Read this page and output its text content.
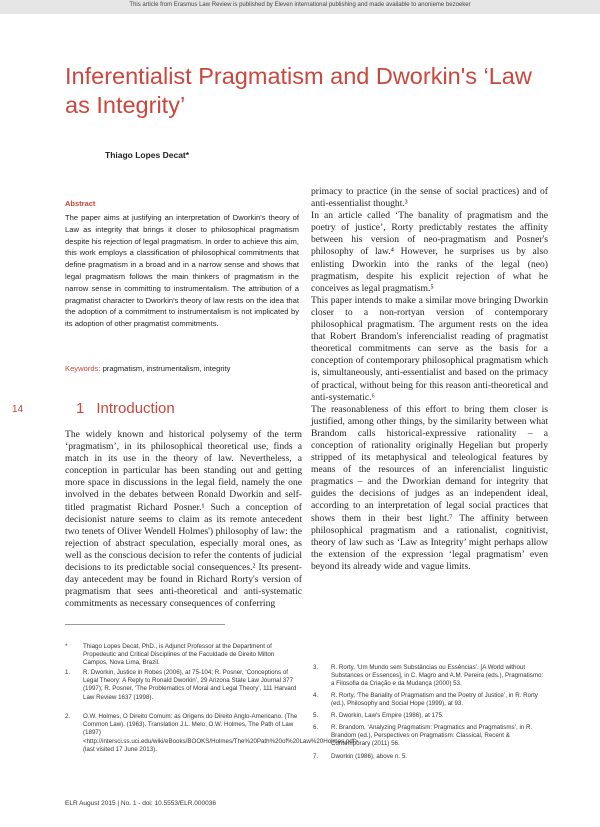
This article from Erasmus Law Review is published by Eleven international publishing and made available to anonieme bezoeker
Inferentialist Pragmatism and Dworkin's ‘Law as Integrity’
Thiago Lopes Decat*
Abstract

The paper aims at justifying an interpretation of Dworkin's theory of Law as integrity that brings it closer to philosophical pragmatism despite his rejection of legal pragmatism. In order to achieve this aim, this work employs a classification of philosophical commitments that define pragmatism in a broad and in a narrow sense and shows that legal pragmatism follows the main thinkers of pragmatism in the narrow sense in committing to instrumentalism. The attribution of a pragmatist character to Dworkin's theory of law rests on the idea that the adoption of a commitment to instrumentalism is not implicated by its adoption of other pragmatist commitments.

Keywords: pragmatism, instrumentalism, integrity
14	1 Introduction

The widely known and historical polysemy of the term ‘pragmatism’, in its philosophical theoretical use, finds a match in its use in the theory of law. Nevertheless, a conception in particular has been standing out and getting more space in discussions in the legal field, namely the one involved in the debates between Ronald Dworkin and self-titled pragmatist Richard Posner.¹ Such a conception of decisionist nature seems to claim as its remote antecedent two tenets of Oliver Wendell Holmes') philosophy of law: the rejection of abstract speculation, especially moral ones, as well as the conscious decision to refer the contents of judicial decisions to its predictable social consequences.² Its present-day antecedent may be found in Richard Rorty's version of pragmatism that sees anti-theoretical and anti-systematic commitments as necessary consequences of conferring

primacy to practice (in the sense of social practices) and of anti-essentialist thought.³

In an article called ‘The banality of pragmatism and the poetry of justice’, Rorty predictably restates the affinity between his version of neo-pragmatism and Posner's philosophy of law.⁴ However, he surprises us by also enlisting Dworkin into the ranks of the legal (neo) pragmatism, despite his explicit rejection of what he conceives as legal pragmatism.⁵

This paper intends to make a similar move bringing Dworkin closer to a non-rortyan version of contemporary philosophical pragmatism. The argument rests on the idea that Robert Brandom's inferencialist reading of pragmatist theoretical commitments can serve as the basis for a conception of contemporary philosophical pragmatism which is, simultaneously, anti-essentialist and based on the primacy of practical, without being for this reason anti-theoretical and anti-systematic.⁶

The reasonableness of this effort to bring them closer is justified, among other things, by the similarity between what Brandom calls historical-expressive rationality – a conception of rationality originally Hegelian but properly stripped of its metaphysical and teleological features by means of the resources of an inferencialist linguistic pragmatics – and the Dworkian demand for integrity that guides the decisions of judges as an independent ideal, according to an interpretation of legal social practices that shows them in their best light.⁷ The affinity between philosophical pragmatism and a rationalist, cognitivist, theory of law such as ‘Law as Integrity’ might perhaps allow the extension of the expression ‘legal pragmatism’ even beyond its already wide and vague limits.

*	Thiago Lopes Decat, PhD., is Adjunct Professor at the Department of Propedeutic and Critical Disciplines of the Faculdade de Direito Milton Campos, Nova Lima, Brazil.
1. R. Dworkin, Justice in Robes (2006), at 75-104; R. Posner, ‘Conceptions of Legal Theory: A Reply to Ronald Dworkin’, 29 Arizona State Law Journal 377 (1997); R. Posner, ‘The Problematics of Moral and Legal Theory’, 111 Harvard Law Review 1637 (1998).
2. O.W. Holmes, O Direito Comum: as Origens do Direito Anglo-Americano. (The Common Law). (1963). Translation J.L. Melo; O.W. Holmes, The Path of Law (1897) <http://intersci.ss.uci.edu/wiki/eBooks/BOOKS/Holmes/The%20Path%20of%20Law%20Holmes.pdf> (last visited 17 June 2013).
3. R. Rorty, ‘Um Mundo sem Substâncias ou Essências’. [A World without Substances or Essences], in C. Magro and A.M. Pereira (eds.), Pragmatismo: a Filosofia da Criação e da Mudança (2000) 53.
4. R. Rorty, ‘The Banality of Pragmatism and the Poetry of Justice’, in R. Rorty (ed.), Philosophy and Social Hope (1999), at 93.
5. R. Dworkin, Law's Empire (1986), at 175.
6. R. Brandom, ‘Analyzing Pragmatism: Pragmatics and Pragmatisms’, in R. Brandom (ed.), Perspectives on Pragmatism: Classical, Recent & Contemporary (2011) 56.
7. Dworkin (1986), above n. 5.
ELR August 2015 | No. 1 - doi: 10.5553/ELR.000036
